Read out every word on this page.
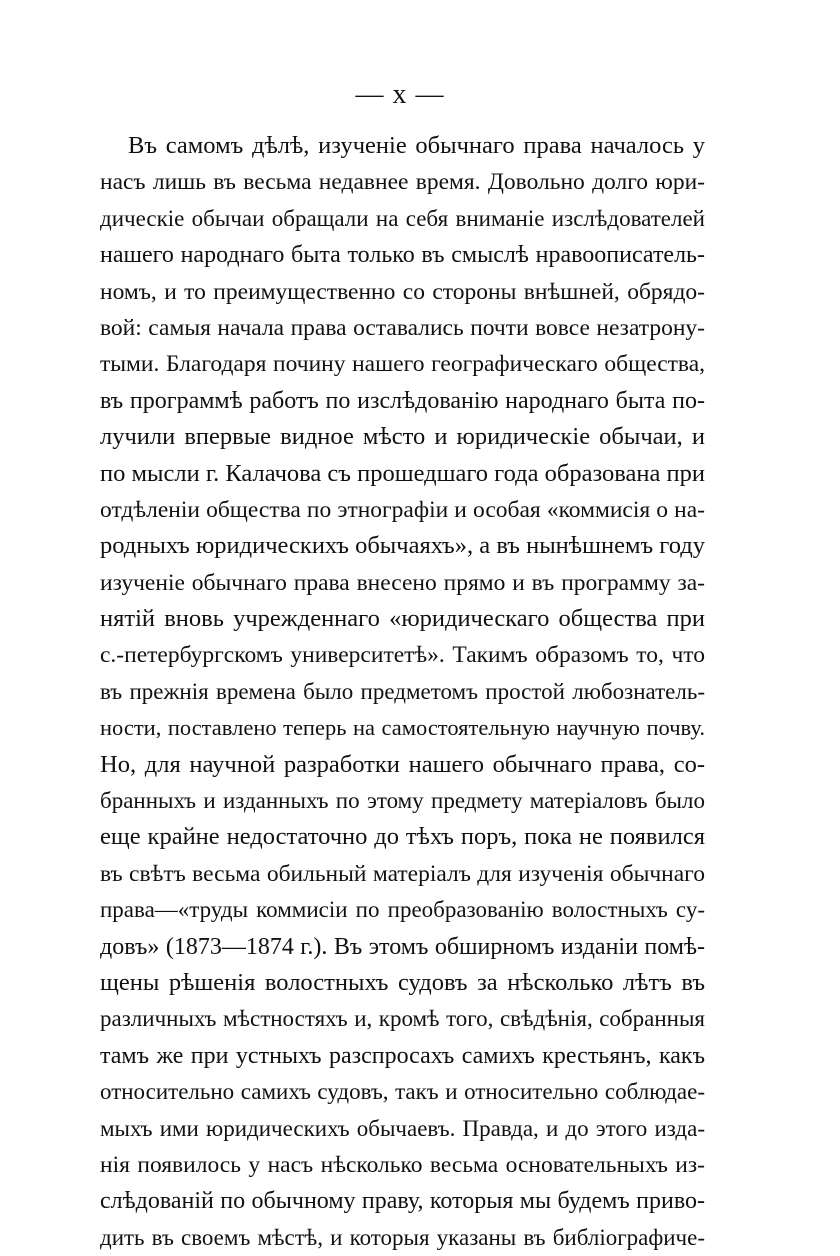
— x —
Въ самомъ дѣлѣ, изученіе обычнаго права началось у
насъ лишь въ весьма недавнее время. Довольно долго юри-
дическіе обычаи обращали на себя вниманіе изслѣдователей
нашего народнаго быта только въ смыслѣ нравоописатель-
номъ, и то преимущественно со стороны внѣшней, обрядо-
вой: самыя начала права оставались почти вовсе незатрону-
тыми. Благодаря почину нашего географическаго общества,
въ программѣ работъ по изслѣдованію народнаго быта по-
лучили впервые видное мѣсто и юридическіе обычаи, и
по мысли г. Калачова съ прошедшаго года образована при
отдѣленіи общества по этнографіи и особая «коммисія о на-
родныхъ юридическихъ обычаяхъ», а въ нынѣшнемъ году
изученіе обычнаго права внесено прямо и въ программу за-
нятій вновь учрежденнаго «юридическаго общества при
с.-петербургскомъ университетѣ». Такимъ образомъ то, что
въ прежнія времена было предметомъ простой любознатель-
ности, поставлено теперь на самостоятельную научную почву.
Но, для научной разработки нашего обычнаго права, со-
бранныхъ и изданныхъ по этому предмету матеріаловъ было
еще крайне недостаточно до тѣхъ поръ, пока не появился
въ свѣтъ весьма обильный матеріалъ для изученія обычнаго
права—«труды коммисіи по преобразованію волостныхъ су-
довъ» (1873—1874 г.). Въ этомъ обширномъ изданіи помѣ-
щены рѣшенія волостныхъ судовъ за нѣсколько лѣтъ въ
различныхъ мѣстностяхъ и, кромѣ того, свѣдѣнія, собранныя
тамъ же при устныхъ разспросахъ самихъ крестьянъ, какъ
относительно самихъ судовъ, такъ и относительно соблюдае-
мыхъ ими юридическихъ обычаевъ. Правда, и до этого изда-
нія появилось у насъ нѣсколько весьма основательныхъ из-
слѣдованій по обычному праву, которыя мы будемъ приво-
дить въ своемъ мѣстѣ, и которыя указаны въ библіографиче-
